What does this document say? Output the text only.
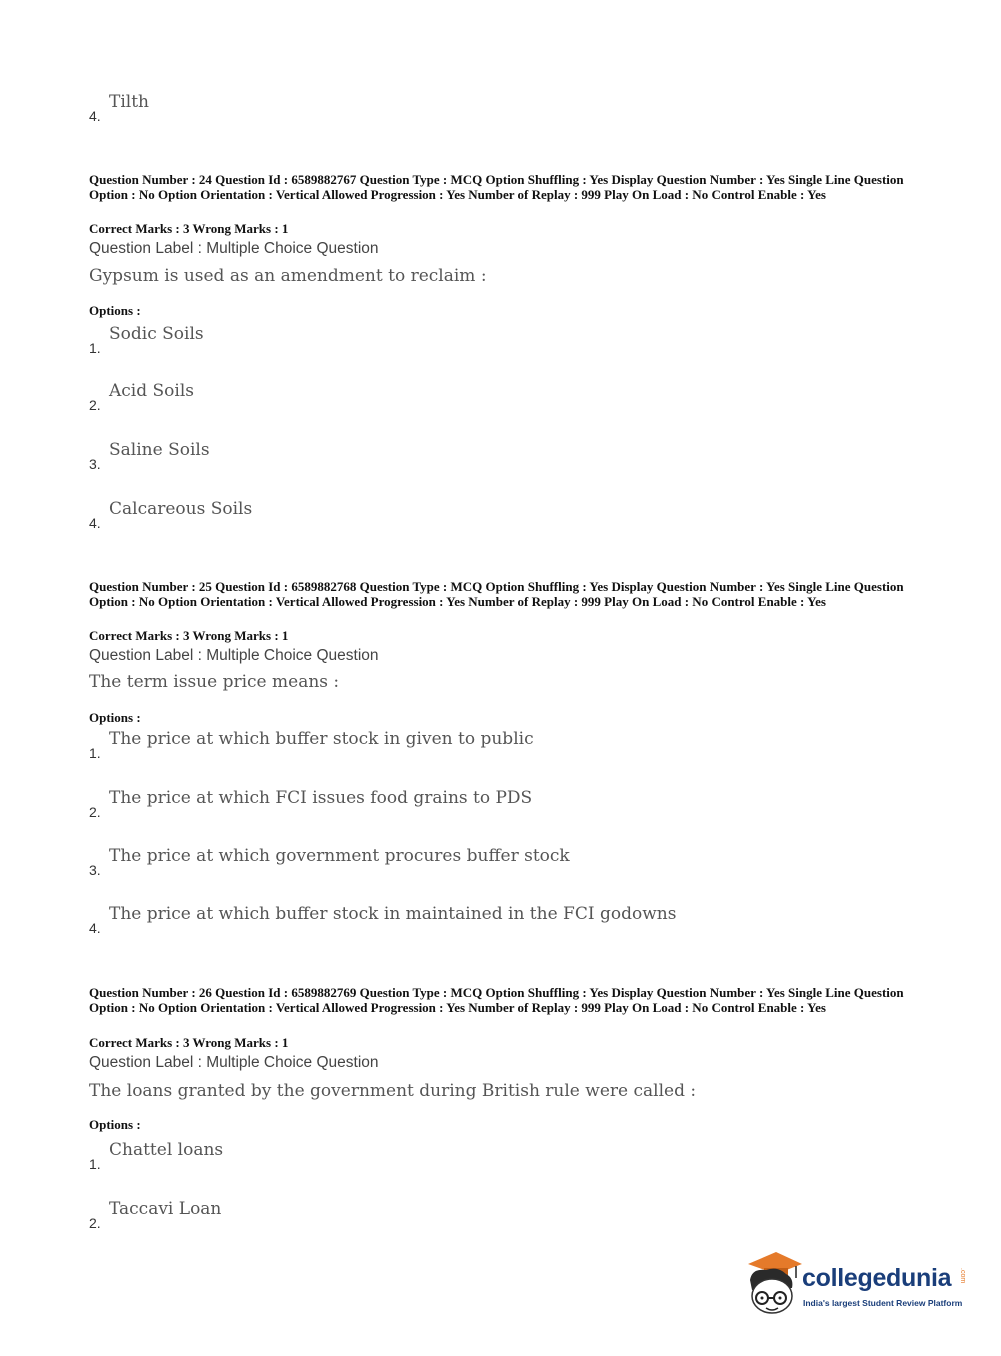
4.
Tilth
Question Number : 24 Question Id : 6589882767 Question Type : MCQ Option Shuffling : Yes Display Question Number : Yes Single Line Question Option : No Option Orientation : Vertical Allowed Progression : Yes Number of Replay : 999 Play On Load : No Control Enable : Yes
Correct Marks : 3 Wrong Marks : 1
Question Label : Multiple Choice Question
Gypsum is used as an amendment to reclaim :
Options :
1.
Sodic Soils
2.
Acid Soils
3.
Saline Soils
4.
Calcareous Soils
Question Number : 25 Question Id : 6589882768 Question Type : MCQ Option Shuffling : Yes Display Question Number : Yes Single Line Question Option : No Option Orientation : Vertical Allowed Progression : Yes Number of Replay : 999 Play On Load : No Control Enable : Yes
Correct Marks : 3 Wrong Marks : 1
Question Label : Multiple Choice Question
The term issue price means :
Options :
1.
The price at which buffer stock in given to public
2.
The price at which FCI issues food grains to PDS
3.
The price at which government procures buffer stock
4.
The price at which buffer stock in maintained in the FCI godowns
Question Number : 26 Question Id : 6589882769 Question Type : MCQ Option Shuffling : Yes Display Question Number : Yes Single Line Question Option : No Option Orientation : Vertical Allowed Progression : Yes Number of Replay : 999 Play On Load : No Control Enable : Yes
Correct Marks : 3 Wrong Marks : 1
Question Label : Multiple Choice Question
The loans granted by the government during British rule were called :
Options :
1.
Chattel loans
2.
Taccavi Loan
collegedunia .com
India's largest Student Review Platform
